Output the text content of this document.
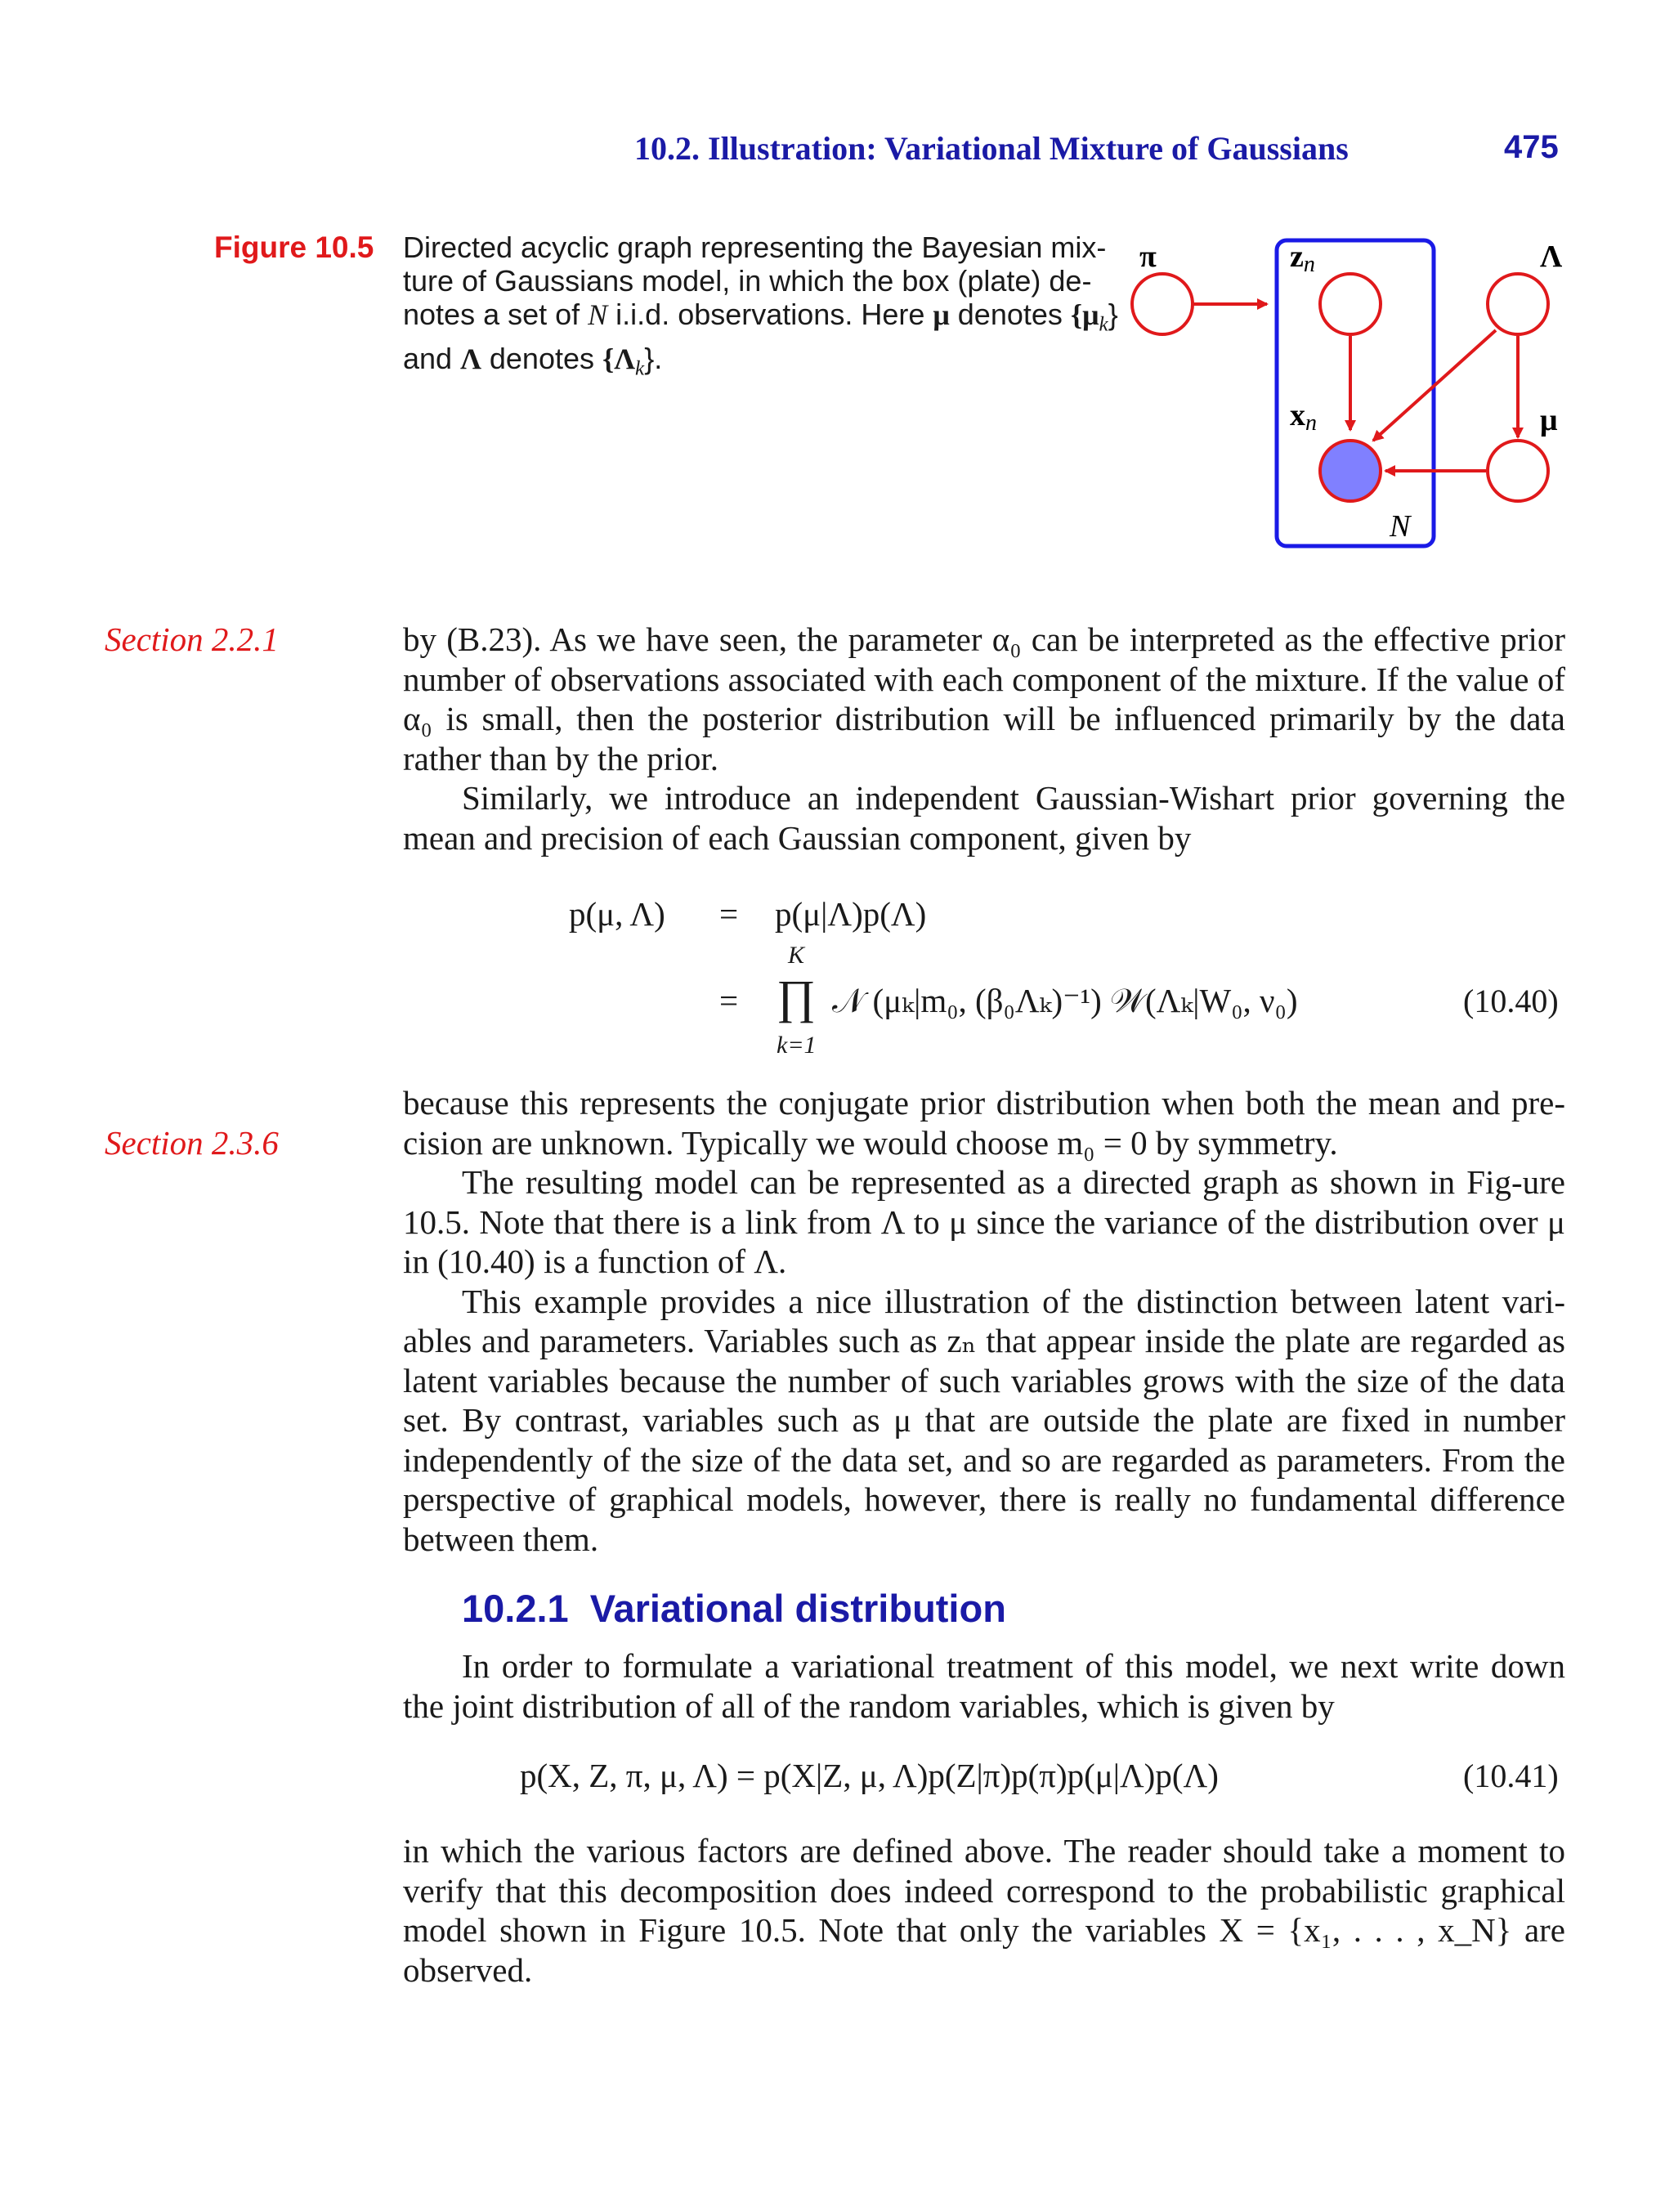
10.2. Illustration: Variational Mixture of Gaussians	475
Figure 10.5 Directed acyclic graph representing the Bayesian mix-ture of Gaussians model, in which the box (plate) de-notes a set of N i.i.d. observations. Here μ denotes $\{\mu_k\}$ and Λ denotes $\{\Lambda_k\}$.
π	zn
xn
Λ
μ
N
Section 2.2.1
Section 2.3.6

by (B.23). As we have seen, the parameter α₀ can be interpreted as the effective prior number of observations associated with each component of the mixture. If the value of α₀ is small, then the posterior distribution will be influenced primarily by the data rather than by the prior.

Similarly, we introduce an independent Gaussian-Wishart prior governing the mean and precision of each Gaussian component, given by

p(μ, Λ) = p(μ|Λ)p(Λ)
K
= ∏
k=1
𝒩 (μₖ|m₀, (β₀Λₖ)⁻¹) 𝒲(Λₖ|W₀, ν₀)	(10.40)

because this represents the conjugate prior distribution when both the mean and pre-cision are unknown. Typically we would choose m₀ = 0 by symmetry.

The resulting model can be represented as a directed graph as shown in Fig-ure 10.5. Note that there is a link from Λ to μ since the variance of the distribution over μ in (10.40) is a function of Λ.

This example provides a nice illustration of the distinction between latent vari-ables and parameters. Variables such as zₙ that appear inside the plate are regarded as latent variables because the number of such variables grows with the size of the data set. By contrast, variables such as μ that are outside the plate are fixed in number independently of the size of the data set, and so are regarded as parameters. From the perspective of graphical models, however, there is really no fundamental difference between them.

10.2.1 Variational distribution

In order to formulate a variational treatment of this model, we next write down the joint distribution of all of the random variables, which is given by

p(X, Z, π, μ, Λ) = p(X|Z, μ, Λ)p(Z|π)p(π)p(μ|Λ)p(Λ)	(10.41)

in which the various factors are defined above. The reader should take a moment to verify that this decomposition does indeed correspond to the probabilistic graphical model shown in Figure 10.5. Note that only the variables X = {x₁, . . . , x_N} are observed.
